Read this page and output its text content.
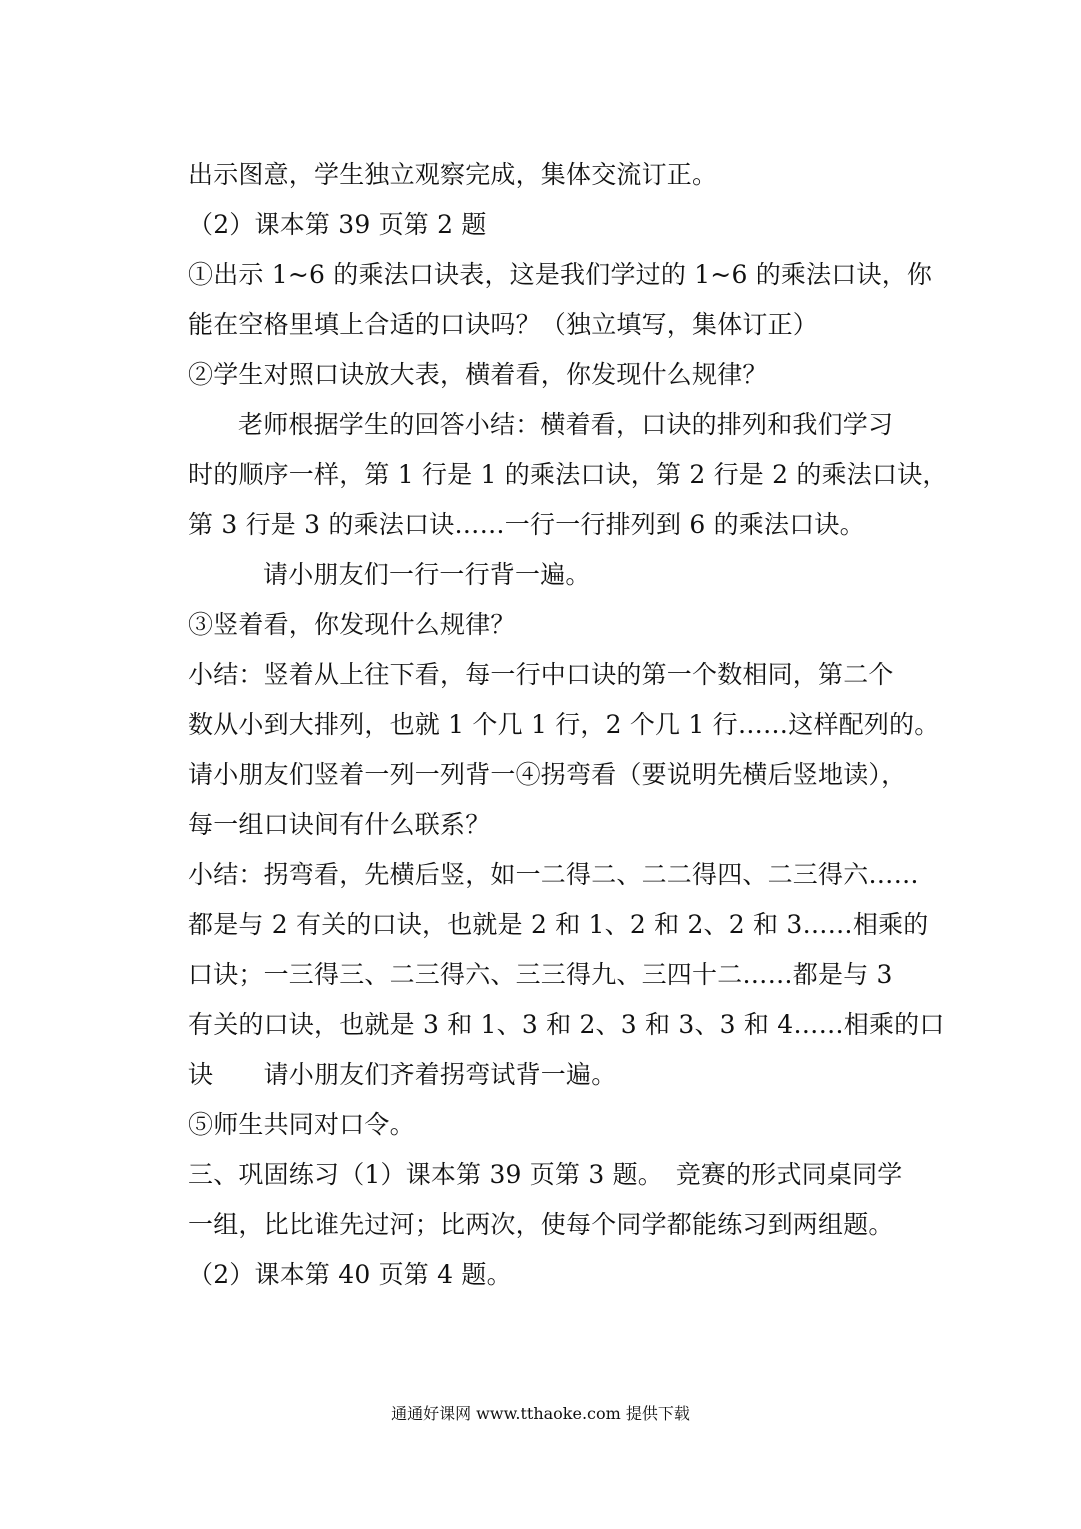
出示图意，学生独立观察完成，集体交流订正。
（2）课本第 39 页第 2 题
①出示 1~6 的乘法口诀表，这是我们学过的 1~6 的乘法口诀，你
能在空格里填上合适的口诀吗？（独立填写，集体订正）
②学生对照口诀放大表，横着看，你发现什么规律？
老师根据学生的回答小结：横着看，口诀的排列和我们学习
时的顺序一样，第 1 行是 1 的乘法口诀，第 2 行是 2 的乘法口诀，
第 3 行是 3 的乘法口诀……一行一行排列到 6 的乘法口诀。
请小朋友们一行一行背一遍。
③竖着看，你发现什么规律？
小结：竖着从上往下看，每一行中口诀的第一个数相同，第二个
数从小到大排列，也就 1 个几 1 行，2 个几 1 行……这样配列的。
请小朋友们竖着一列一列背一④拐弯看（要说明先横后竖地读），
每一组口诀间有什么联系？
小结：拐弯看，先横后竖，如一二得二、二二得四、二三得六……
都是与 2 有关的口诀，也就是 2 和 1、2 和 2、2 和 3……相乘的
口诀；一三得三、二三得六、三三得九、三四十二……都是与 3
有关的口诀，也就是 3 和 1、3 和 2、3 和 3、3 和 4……相乘的口
诀　　请小朋友们齐着拐弯试背一遍。
⑤师生共同对口令。
三、巩固练习（1）课本第 39 页第 3 题。　竞赛的形式同桌同学
一组，比比谁先过河；比两次，使每个同学都能练习到两组题。
（2）课本第 40 页第 4 题。
通通好课网 www.tthaoke.com 提供下载
